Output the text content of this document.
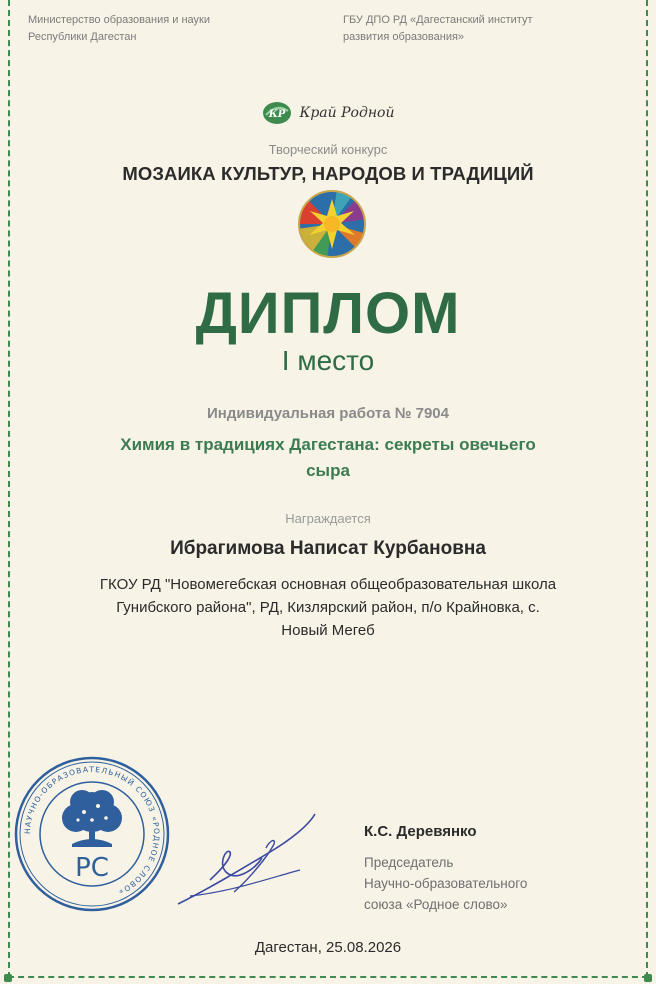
Министерство образования и науки
Республики Дагестан
ГБУ ДПО РД «Дагестанский институт
развития образования»
КР Край Родной
Творческий конкурс
МОЗАИКА КУЛЬТУР, НАРОДОВ И ТРАДИЦИЙ
ДИПЛОМ
I место
Индивидуальная работа № 7904
Химия в традициях Дагестана: секреты овечьего
сыра
Награждается
Ибрагимова Написат Курбановна
ГКОУ РД "Новомегебская основная общеобразовательная школа
Гунибского района", РД, Кизлярский район, п/о Крайновка, с.
Новый Мегеб
НАУЧНО-ОБРАЗОВАТЕЛЬНЫЙ СОЮЗ «РОДНОЕ СЛОВО»
РС
К.С. Деревянко
Председатель
Научно-образовательного
союза «Родное слово»
Дагестан, 25.08.2026
